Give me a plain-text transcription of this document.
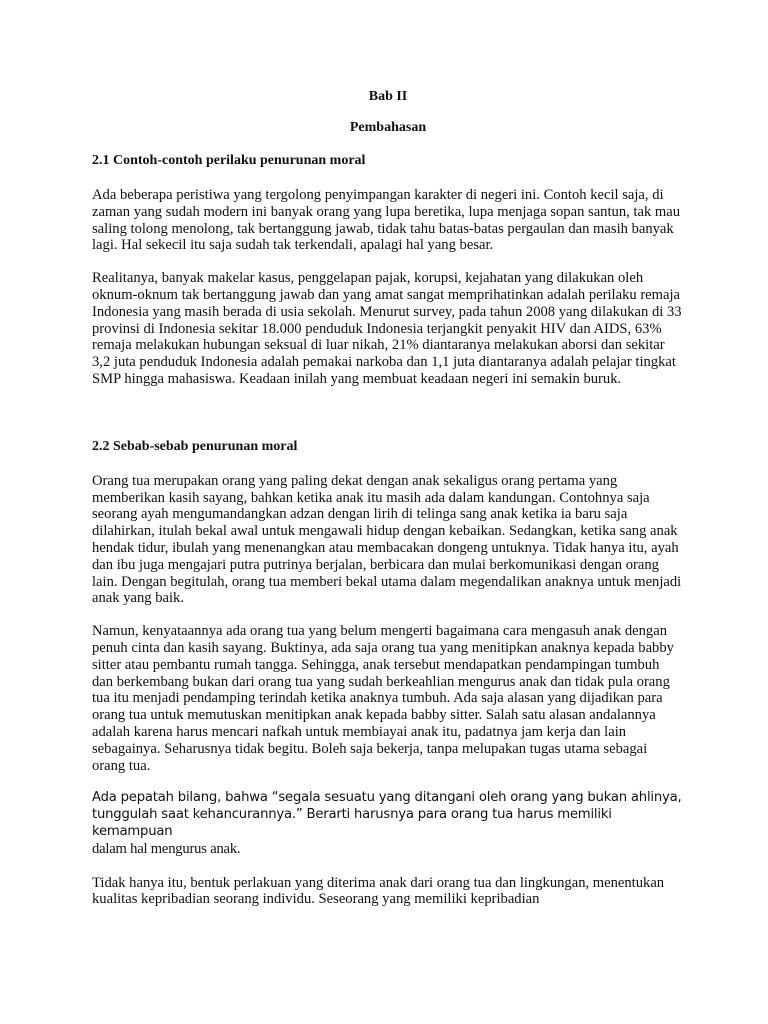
Bab II
Pembahasan
2.1 Contoh-contoh perilaku penurunan moral

Ada beberapa peristiwa yang tergolong penyimpangan karakter di negeri ini. Contoh kecil saja, di zaman yang sudah modern ini banyak orang yang lupa beretika, lupa menjaga sopan santun, tak mau saling tolong menolong, tak bertanggung jawab, tidak tahu batas-batas pergaulan dan masih banyak lagi. Hal sekecil itu saja sudah tak terkendali, apalagi hal yang besar.

Realitanya, banyak makelar kasus, penggelapan pajak, korupsi, kejahatan yang dilakukan oleh oknum-oknum tak bertanggung jawab dan yang amat sangat memprihatinkan adalah perilaku remaja Indonesia yang masih berada di usia sekolah. Menurut survey, pada tahun 2008 yang dilakukan di 33 provinsi di Indonesia sekitar 18.000 penduduk Indonesia terjangkit penyakit HIV dan AIDS, 63% remaja melakukan hubungan seksual di luar nikah, 21% diantaranya melakukan aborsi dan sekitar 3,2 juta penduduk Indonesia adalah pemakai narkoba dan 1,1 juta diantaranya adalah pelajar tingkat SMP hingga mahasiswa. Keadaan inilah yang membuat keadaan negeri ini semakin buruk.

2.2 Sebab-sebab penurunan moral

Orang tua merupakan orang yang paling dekat dengan anak sekaligus orang pertama yang memberikan kasih sayang, bahkan ketika anak itu masih ada dalam kandungan. Contohnya saja seorang ayah mengumandangkan adzan dengan lirih di telinga sang anak ketika ia baru saja dilahirkan, itulah bekal awal untuk mengawali hidup dengan kebaikan. Sedangkan, ketika sang anak hendak tidur, ibulah yang menenangkan atau membacakan dongeng untuknya. Tidak hanya itu, ayah dan ibu juga mengajari putra putrinya berjalan, berbicara dan mulai berkomunikasi dengan orang lain. Dengan begitulah, orang tua memberi bekal utama dalam megendalikan anaknya untuk menjadi anak yang baik.

Namun, kenyataannya ada orang tua yang belum mengerti bagaimana cara mengasuh anak dengan penuh cinta dan kasih sayang. Buktinya, ada saja orang tua yang menitipkan anaknya kepada babby sitter atau pembantu rumah tangga. Sehingga, anak tersebut mendapatkan pendampingan tumbuh dan berkembang bukan dari orang tua yang sudah berkeahlian mengurus anak dan tidak pula orang tua itu menjadi pendamping terindah ketika anaknya tumbuh. Ada saja alasan yang dijadikan para orang tua untuk memutuskan menitipkan anak kepada babby sitter. Salah satu alasan andalannya adalah karena harus mencari nafkah untuk membiayai anak itu, padatnya jam kerja dan lain sebagainya. Seharusnya tidak begitu. Boleh saja bekerja, tanpa melupakan tugas utama sebagai orang tua.

Ada pepatah bilang, bahwa “segala sesuatu yang ditangani oleh orang yang bukan ahlinya, tunggulah saat kehancurannya.” Berarti harusnya para orang tua harus memiliki kemampuan
dalam hal mengurus anak.

Tidak hanya itu, bentuk perlakuan yang diterima anak dari orang tua dan lingkungan, menentukan kualitas kepribadian seorang individu. Seseorang yang memiliki kepribadian
